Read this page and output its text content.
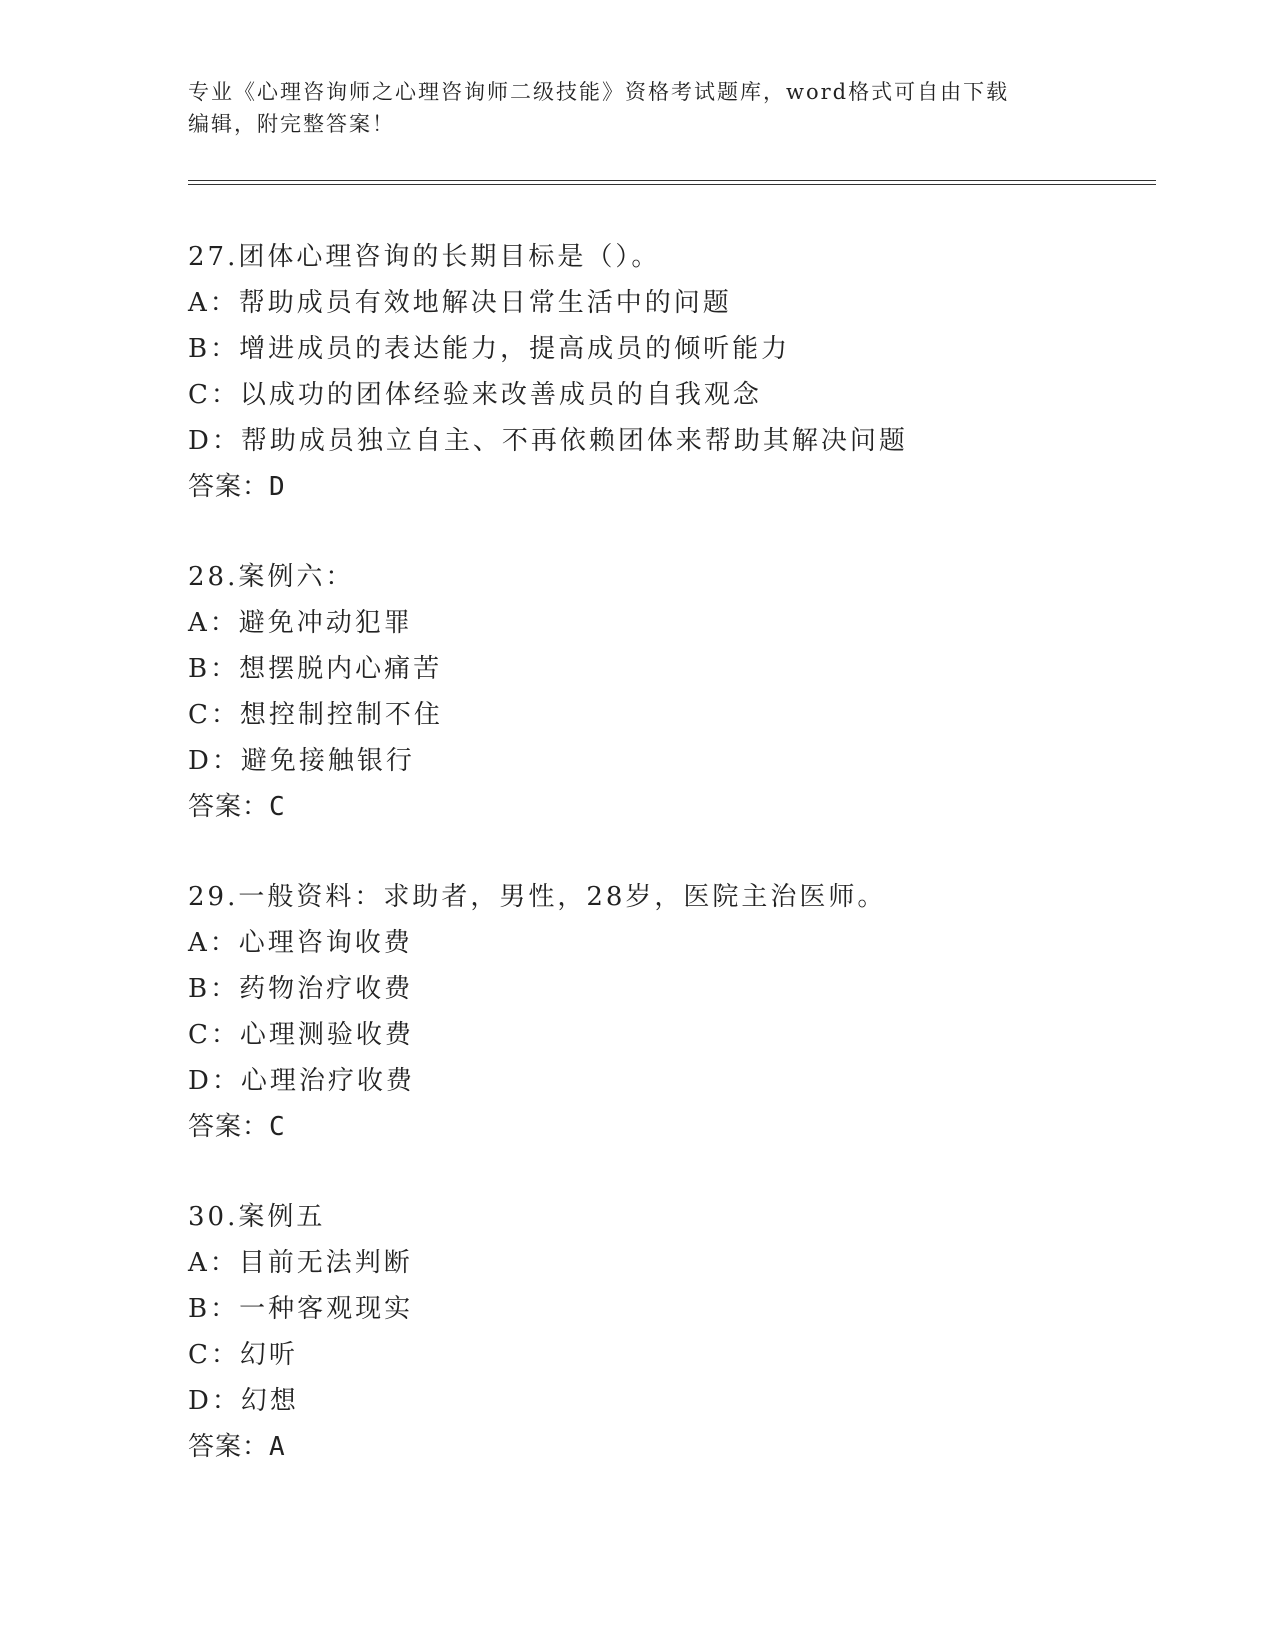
专业《心理咨询师之心理咨询师二级技能》资格考试题库，word格式可自由下载
编辑，附完整答案！
27.团体心理咨询的长期目标是（）。
A：帮助成员有效地解决日常生活中的问题
B：增进成员的表达能力，提高成员的倾听能力
C：以成功的团体经验来改善成员的自我观念
D：帮助成员独立自主、不再依赖团体来帮助其解决问题
答案：D
28.案例六：
A：避免冲动犯罪
B：想摆脱内心痛苦
C：想控制控制不住
D：避免接触银行
答案：C
29.一般资料：求助者，男性，28岁，医院主治医师。
A：心理咨询收费
B：药物治疗收费
C：心理测验收费
D：心理治疗收费
答案：C
30.案例五
A：目前无法判断
B：一种客观现实
C：幻听
D：幻想
答案：A
